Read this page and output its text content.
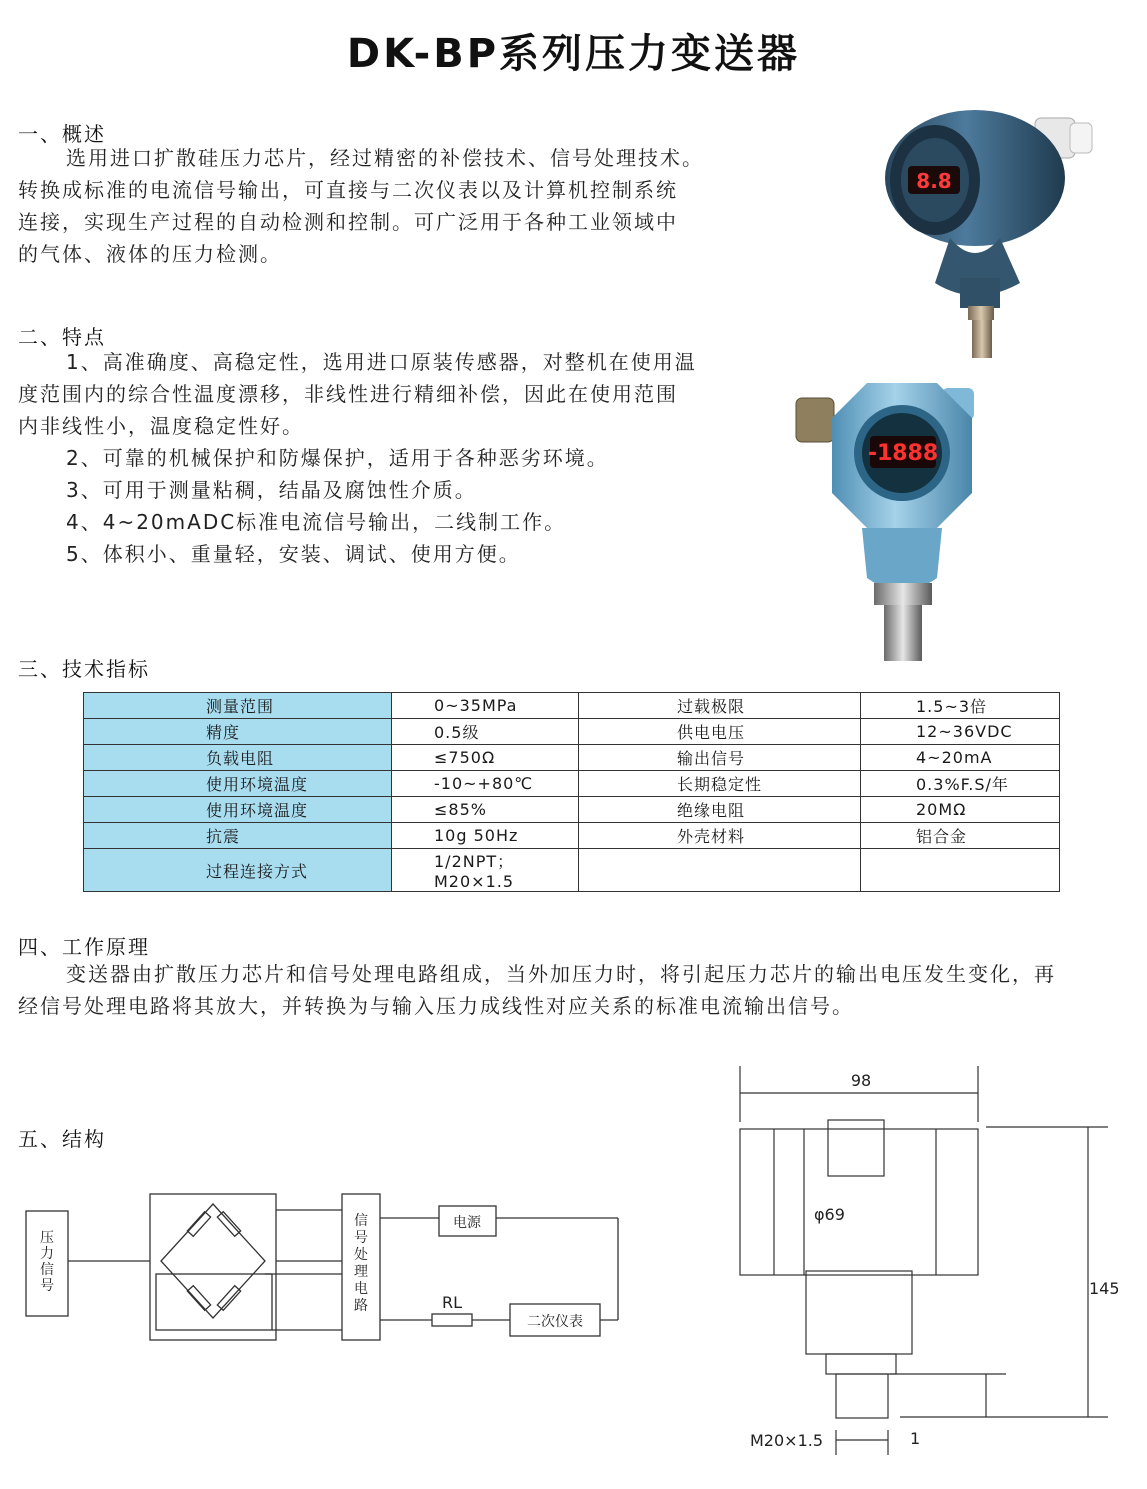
DK-BP系列压力变送器
一、概述

选用进口扩散硅压力芯片，经过精密的补偿技术、信号处理技术。

转换成标准的电流信号输出，可直接与二次仪表以及计算机控制系统

连接，实现生产过程的自动检测和控制。可广泛用于各种工业领域中

的气体、液体的压力检测。

二、特点

1、高准确度、高稳定性，选用进口原装传感器，对整机在使用温

度范围内的综合性温度漂移，非线性进行精细补偿，因此在使用范围

内非线性小，温度稳定性好。

2、可靠的机械保护和防爆保护，适用于各种恶劣环境。

3、可用于测量粘稠，结晶及腐蚀性介质。

4、4~20mADC标准电流信号输出，二线制工作。

5、体积小、重量轻，安装、调试、使用方便。

三、技术指标
测量范围	0~35MPa	过载极限	1.5~3倍
精度	0.5级	供电电压	12~36VDC
负载电阻	≤750Ω	输出信号	4~20mA
使用环境温度	-10~+80℃	长期稳定性	0.3%F.S/年
使用环境温度	≤85%	绝缘电阻	20MΩ
抗震	10g 50Hz	外壳材料	铝合金
过程连接方式	1/2NPT；M20×1.5		
四、工作原理

变送器由扩散压力芯片和信号处理电路组成，当外加压力时，将引起压力芯片的输出电压发生变化，再

经信号处理电路将其放大，并转换为与输入压力成线性对应关系的标准电流输出信号。

五、结构
8.8
-1888
压
力
信
号
信
号
处
理
电
路
电源
RL
二次仪表
98
φ69
145
M20×1.5	1
